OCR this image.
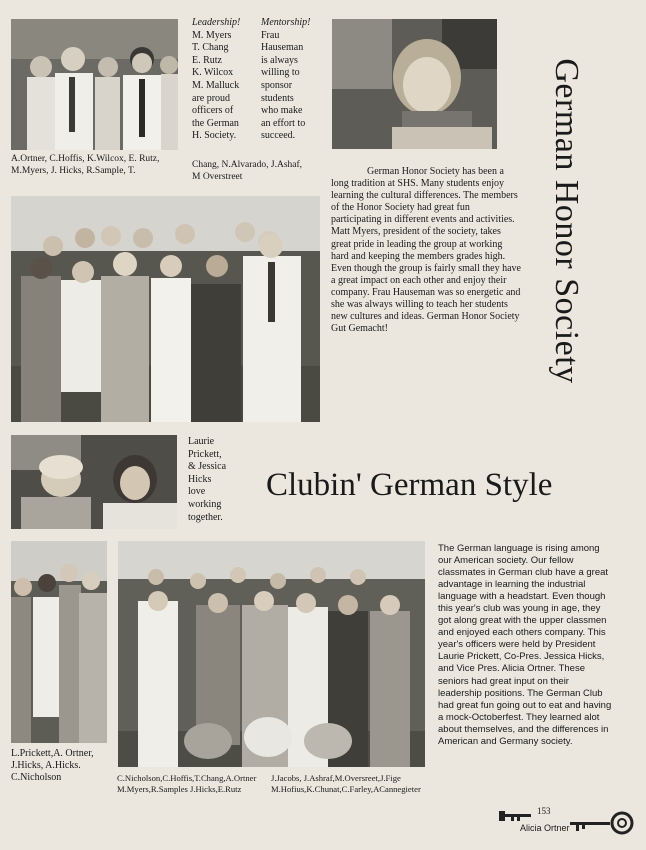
Leadership!
M. Myers
T. Chang
E. Rutz
K. Wilcox
M. Malluck
are proud
officers of
the German
H. Society.
Mentorship!
Frau
Hauseman
is always
willing to
sponsor
students
who make
an effort to
succeed.
A.Ortner, C.Hoffis, K.Wilcox, E. Rutz,
M.Myers, J. Hicks, R.Sample, T.
Chang, N.Alvarado, J.Ashaf,
M Overstreet	German Honor Society
German Honor Society has been a long tradition at SHS. Many students enjoy learning the cultural differences. The members of the Honor Society had great fun participating in different events and activities. Matt Myers, president of the society, takes great pride in leading the group at working hard and keeping the members grades high. Even though the group is fairly small they have a great impact on each other and enjoy their company. Frau Hauseman was so energetic and she was always willing to teach her students new cultures and ideas. German Honor Society Gut Gemacht!
Laurie
Prickett,
& Jessica
Hicks
love
working
together.
Clubin' German Style
The German language is rising among our American society. Our fellow classmates in German club have a great advantage in learning the industrial language with a headstart. Even though this year's club was young in age, they got along great with the upper classmen and enjoyed each others company. This year's officers were held by President Laurie Prickett, Co-Pres. Jessica Hicks, and Vice Pres. Alicia Ortner. These seniors had great input on their leadership positions. The German Club had great fun going out to eat and having a mock-Octoberfest. They learned alot about themselves, and the differences in American and Germany society.
L.Prickett,A. Ortner,
J.Hicks, A.Hicks.
C.Nicholson	C.Nicholson,C.Hoffis,T.Chang,A.Ortner
M.Myers,R.Samples J.Hicks,E.Rutz
J.Jacobs, J.Ashraf,M.Oversreet,J.Fige
M.Hofius,K.Chunat,C.Farley,ACannegieter
153
Alicia Ortner
